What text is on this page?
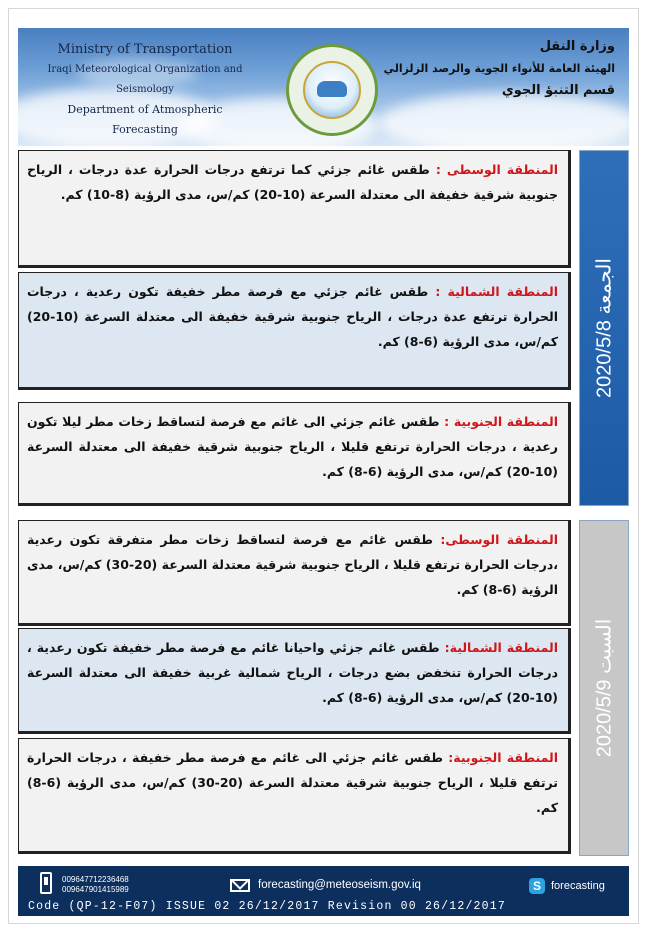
Ministry of Transportation
Iraqi Meteorological Organization and Seismology
Department of Atmospheric Forecasting
وزارة النقل
الهيئة العامة للأنواء الجوية والرصد الزلزالي
قسم التنبؤ الجوي
المنطقة الوسطى : طقس غائم جزئي كما ترتفع درجات الحرارة عدة درجات ، الرياح جنوبية شرقية خفيفة الى معتدلة السرعة (10-20) كم/س، مدى الرؤية (8-10) كم.
المنطقة الشمالية : طقس غائم جزئي مع فرصة مطر خفيفة تكون رعدية ، درجات الحرارة ترتفع عدة درجات ، الرياح جنوبية شرقية خفيفة الى معتدلة السرعة (10-20) كم/س، مدى الرؤية (6-8) كم.
المنطقة الجنوبية : طقس غائم جزئي الى غائم مع فرصة لتساقط زخات مطر ليلا تكون رعدية ، درجات الحرارة ترتفع قليلا ، الرياح جنوبية شرقية خفيفة الى معتدلة السرعة (10-20) كم/س، مدى الرؤية (6-8) كم.
الجمعة 2020/5/8
المنطقة الوسطى: طقس غائم مع فرصة لتساقط زخات مطر متفرقة تكون رعدية ،درجات الحرارة ترتفع قليلا ، الرياح جنوبية شرقية معتدلة السرعة (20-30) كم/س، مدى الرؤية (6-8) كم.
المنطقة الشمالية: طقس غائم جزئي واحيانا غائم مع فرصة مطر خفيفة تكون رعدية ، درجات الحرارة تنخفض بضع درجات ، الرياح شمالية غربية خفيفة الى معتدلة السرعة (10-20) كم/س، مدى الرؤية (6-8) كم.
المنطقة الجنوبية: طقس غائم جزئي الى غائم مع فرصة مطر خفيفة ، درجات الحرارة ترتفع قليلا ، الرياح جنوبية شرقية معتدلة السرعة (20-30) كم/س، مدى الرؤية (6-8) كم.
السبت 2020/5/9
009647712236468
009647901415989	forecasting@meteoseism.gov.iq	S forecasting
Code (QP-12-F07) ISSUE 02 26/12/2017 Revision 00 26/12/2017
